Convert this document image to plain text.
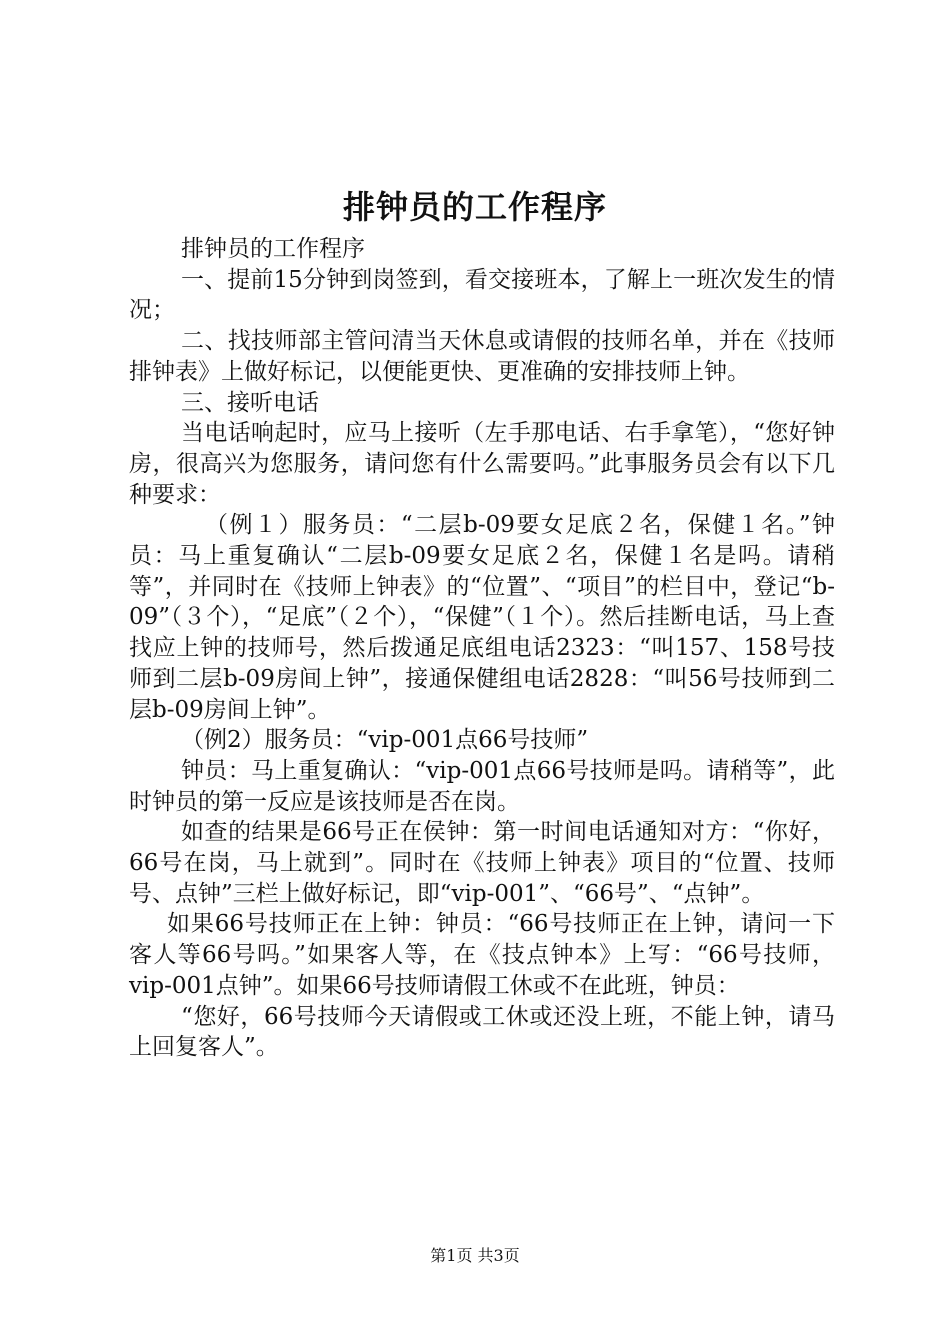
排钟员的工作程序

排钟员的工作程序

一、提前15分钟到岗签到，看交接班本，了解上一班次发生的情况；

二、找技师部主管问清当天休息或请假的技师名单，并在《技师排钟表》上做好标记，以便能更快、更准确的安排技师上钟。

三、接听电话

当电话响起时，应马上接听（左手那电话、右手拿笔），“您好钟房，很高兴为您服务，请问您有什么需要吗。”此事服务员会有以下几种要求：

（例１）服务员：“二层b-09要女足底２名，保健１名。”钟员：马上重复确认“二层b-09要女足底２名，保健１名是吗。请稍等”，并同时在《技师上钟表》的“位置”、“项目”的栏目中，登记“b-09”（３个），“足底”（２个），“保健”（１个）。然后挂断电话，马上查找应上钟的技师号，然后拨通足底组电话2323：“叫157、158号技师到二层b-09房间上钟”，接通保健组电话2828：“叫56号技师到二层b-09房间上钟”。

（例2）服务员：“vip-001点66号技师”

钟员：马上重复确认：“vip-001点66号技师是吗。请稍等”，此时钟员的第一反应是该技师是否在岗。

如查的结果是66号正在侯钟：第一时间电话通知对方：“你好，66号在岗，马上就到”。同时在《技师上钟表》项目的“位置、技师号、点钟”三栏上做好标记，即“vip-001”、“66号”、“点钟”。

如果66号技师正在上钟：钟员：“66号技师正在上钟，请问一下客人等66号吗。”如果客人等，在《技点钟本》上写：“66号技师，vip-001点钟”。如果66号技师请假工休或不在此班，钟员：

“您好，66号技师今天请假或工休或还没上班，不能上钟，请马上回复客人”。

第1页 共3页
